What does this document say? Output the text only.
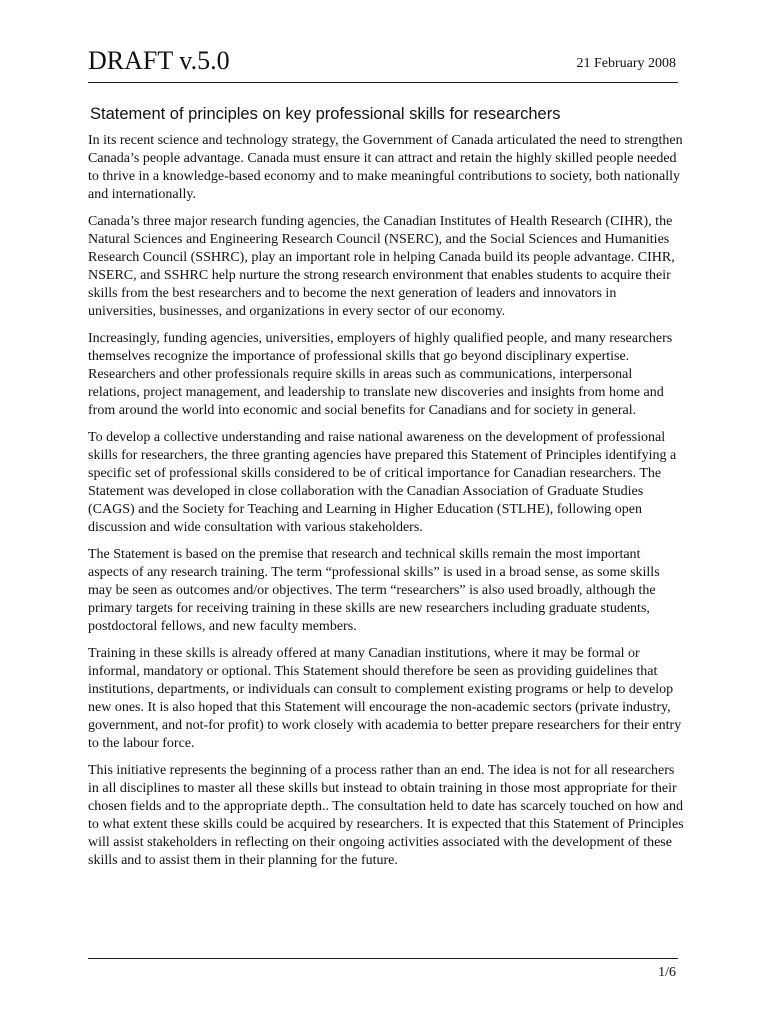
DRAFT v.5.0	21 February 2008
Statement of principles on key professional skills for researchers

In its recent science and technology strategy, the Government of Canada articulated the need to strengthen Canada’s people advantage. Canada must ensure it can attract and retain the highly skilled people needed to thrive in a knowledge-based economy and to make meaningful contributions to society, both nationally and internationally.

Canada’s three major research funding agencies, the Canadian Institutes of Health Research (CIHR), the Natural Sciences and Engineering Research Council (NSERC), and the Social Sciences and Humanities Research Council (SSHRC), play an important role in helping Canada build its people advantage. CIHR, NSERC, and SSHRC help nurture the strong research environment that enables students to acquire their skills from the best researchers and to become the next generation of leaders and innovators in universities, businesses, and organizations in every sector of our economy.

Increasingly, funding agencies, universities, employers of highly qualified people, and many researchers themselves recognize the importance of professional skills that go beyond disciplinary expertise. Researchers and other professionals require skills in areas such as communications, interpersonal relations, project management, and leadership to translate new discoveries and insights from home and from around the world into economic and social benefits for Canadians and for society in general.

To develop a collective understanding and raise national awareness on the development of professional skills for researchers, the three granting agencies have prepared this Statement of Principles identifying a specific set of professional skills considered to be of critical importance for Canadian researchers. The Statement was developed in close collaboration with the Canadian Association of Graduate Studies (CAGS) and the Society for Teaching and Learning in Higher Education (STLHE), following open discussion and wide consultation with various stakeholders.

The Statement is based on the premise that research and technical skills remain the most important aspects of any research training. The term “professional skills” is used in a broad sense, as some skills may be seen as outcomes and/or objectives. The term “researchers” is also used broadly, although the primary targets for receiving training in these skills are new researchers including graduate students, postdoctoral fellows, and new faculty members.

Training in these skills is already offered at many Canadian institutions, where it may be formal or informal, mandatory or optional. This Statement should therefore be seen as providing guidelines that institutions, departments, or individuals can consult to complement existing programs or help to develop new ones. It is also hoped that this Statement will encourage the non-academic sectors (private industry, government, and not-for profit) to work closely with academia to better prepare researchers for their entry to the labour force.

This initiative represents the beginning of a process rather than an end. The idea is not for all researchers in all disciplines to master all these skills but instead to obtain training in those most appropriate for their chosen fields and to the appropriate depth.. The consultation held to date has scarcely touched on how and to what extent these skills could be acquired by researchers. It is expected that this Statement of Principles will assist stakeholders in reflecting on their ongoing activities associated with the development of these skills and to assist them in their planning for the future.

1/6
